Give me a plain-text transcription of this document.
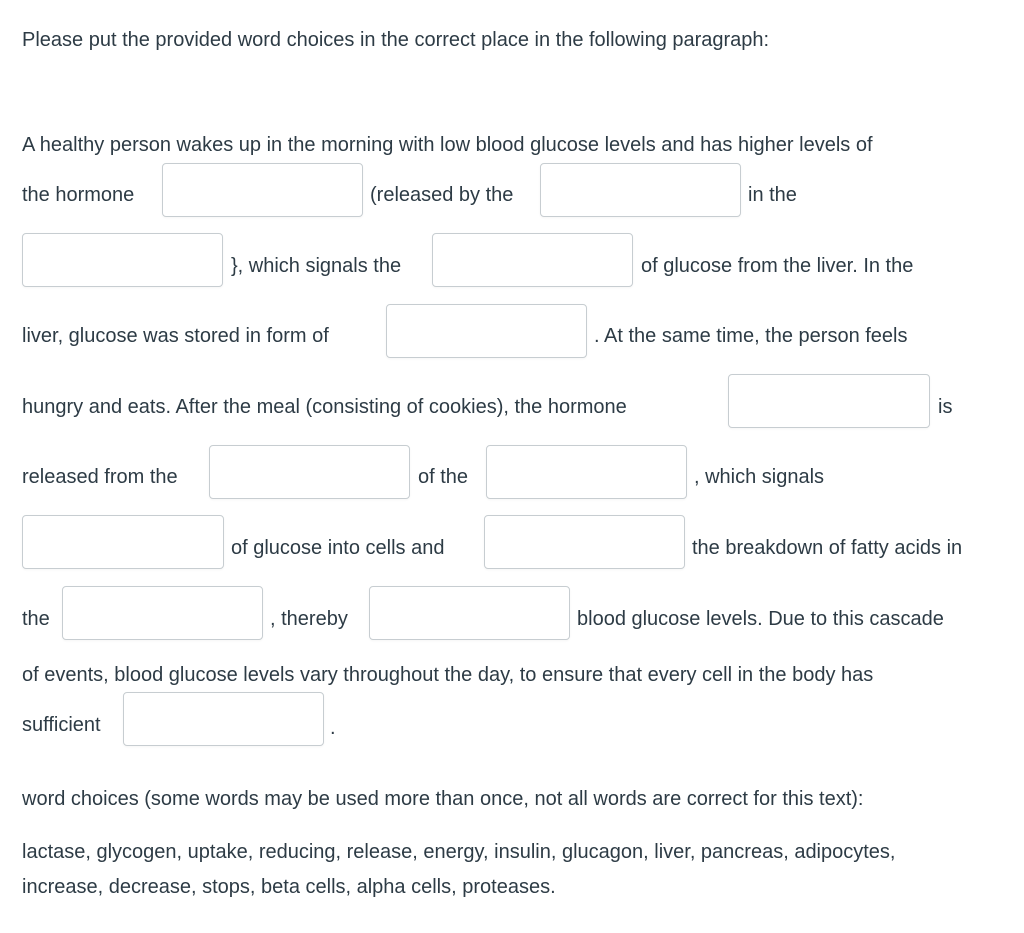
Please put the provided word choices in the correct place in the following paragraph:
A healthy person wakes up in the morning with low blood glucose levels and has higher levels of
the hormone	(released by the	in the
}, which signals the	of glucose from the liver. In the
liver, glucose was stored in form of	. At the same time, the person feels
hungry and eats. After the meal (consisting of cookies), the hormone	is
released from the	of the	, which signals
of glucose into cells and	the breakdown of fatty acids in
the	, thereby	blood glucose levels. Due to this cascade
of events, blood glucose levels vary throughout the day, to ensure that every cell in the body has
sufficient	.
word choices (some words may be used more than once, not all words are correct for this text):
lactase, glycogen, uptake, reducing, release, energy, insulin, glucagon, liver, pancreas, adipocytes,
increase, decrease, stops, beta cells, alpha cells, proteases.
